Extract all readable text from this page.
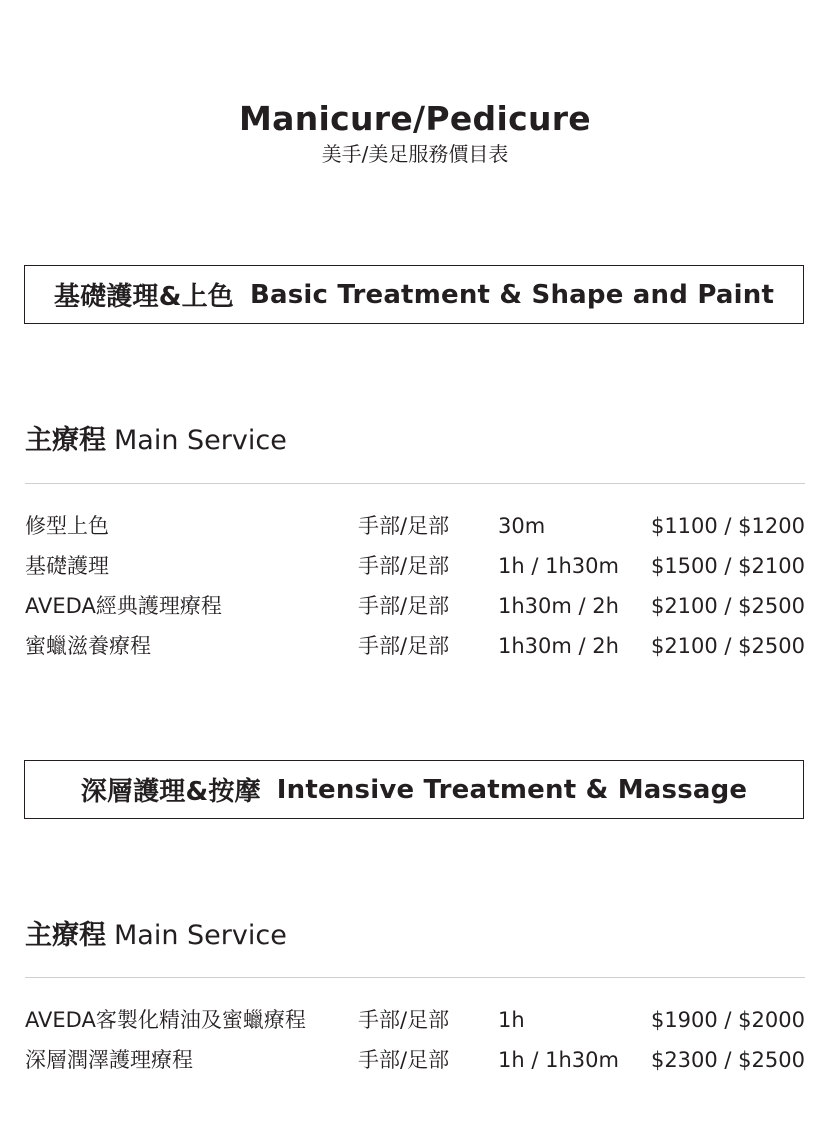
Manicure/Pedicure
美手/美足服務價目表
基礎護理&上色 Basic Treatment & Shape and Paint
主療程 Main Service
修型上色	手部/足部 30m	$1100 / $1200
基礎護理	手部/足部 1h / 1h30m $1500 / $2100
AVEDA經典護理療程	手部/足部 1h30m / 2h $2100 / $2500
蜜蠟滋養療程	手部/足部 1h30m / 2h $2100 / $2500
深層護理&按摩 Intensive Treatment & Massage
主療程 Main Service
AVEDA客製化精油及蜜蠟療程 手部/足部 1h	$1900 / $2000
深層潤澤護理療程	手部/足部 1h / 1h30m $2300 / $2500
